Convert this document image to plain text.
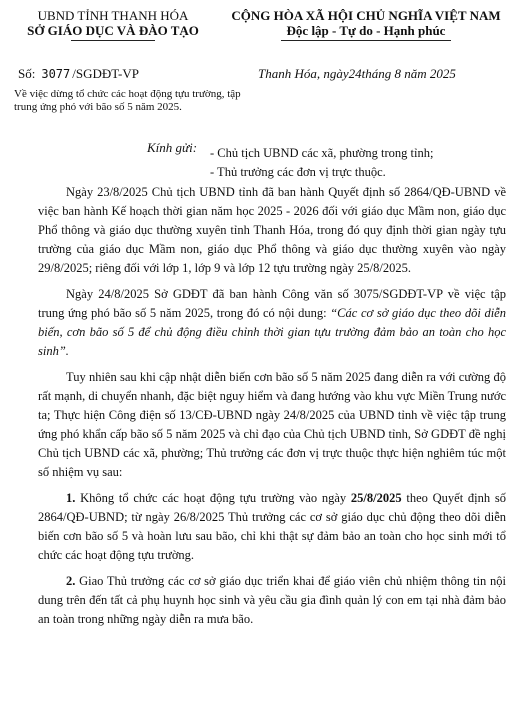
UBND TỈNH THANH HÓA
SỞ GIÁO DỤC VÀ ĐÀO TẠO
CỘNG HÒA XÃ HỘI CHỦ NGHĨA VIỆT NAM
Độc lập - Tự do - Hạnh phúc
Số: 3077 /SGDĐT-VP	Thanh Hóa, ngày24tháng 8 năm 2025
Về việc dừng tổ chức các hoạt động tựu trường, tập trung ứng phó với bão số 5 năm 2025.
Kính gửi: - Chủ tịch UBND các xã, phường trong tỉnh;
- Thủ trưởng các đơn vị trực thuộc.

Ngày 23/8/2025 Chủ tịch UBND tỉnh đã ban hành Quyết định số 2864/QĐ-UBND về việc ban hành Kế hoạch thời gian năm học 2025 - 2026 đối với giáo dục Mầm non, giáo dục Phổ thông và giáo dục thường xuyên tỉnh Thanh Hóa, trong đó quy định thời gian ngày tựu trường của giáo dục Mầm non, giáo dục Phổ thông và giáo dục thường xuyên vào ngày 29/8/2025; riêng đối với lớp 1, lớp 9 và lớp 12 tựu trường ngày 25/8/2025.

Ngày 24/8/2025 Sở GDĐT đã ban hành Công văn số 3075/SGDĐT-VP về việc tập trung ứng phó bão số 5 năm 2025, trong đó có nội dung: “Các cơ sở giáo dục theo dõi diễn biến, cơn bão số 5 để chủ động điều chỉnh thời gian tựu trường đảm bảo an toàn cho học sinh”.

Tuy nhiên sau khi cập nhật diễn biến cơn bão số 5 năm 2025 đang diễn ra với cường độ rất mạnh, di chuyển nhanh, đặc biệt nguy hiểm và đang hướng vào khu vực Miền Trung nước ta; Thực hiện Công điện số 13/CĐ-UBND ngày 24/8/2025 của UBND tỉnh về việc tập trung ứng phó khẩn cấp bão số 5 năm 2025 và chỉ đạo của Chủ tịch UBND tỉnh, Sở GDĐT đề nghị Chủ tịch UBND các xã, phường; Thủ trưởng các đơn vị trực thuộc thực hiện nghiêm túc một số nhiệm vụ sau:

1. Không tổ chức các hoạt động tựu trường vào ngày 25/8/2025 theo Quyết định số 2864/QĐ-UBND; từ ngày 26/8/2025 Thủ trưởng các cơ sở giáo dục chủ động theo dõi diễn biến cơn bão số 5 và hoàn lưu sau bão, chỉ khi thật sự đảm bảo an toàn cho học sinh mới tổ chức các hoạt động tựu trường.

2. Giao Thủ trưởng các cơ sở giáo dục triển khai để giáo viên chủ nhiệm thông tin nội dung trên đến tất cả phụ huynh học sinh và yêu cầu gia đình quản lý con em tại nhà đảm bảo an toàn trong những ngày diễn ra mưa bão.
